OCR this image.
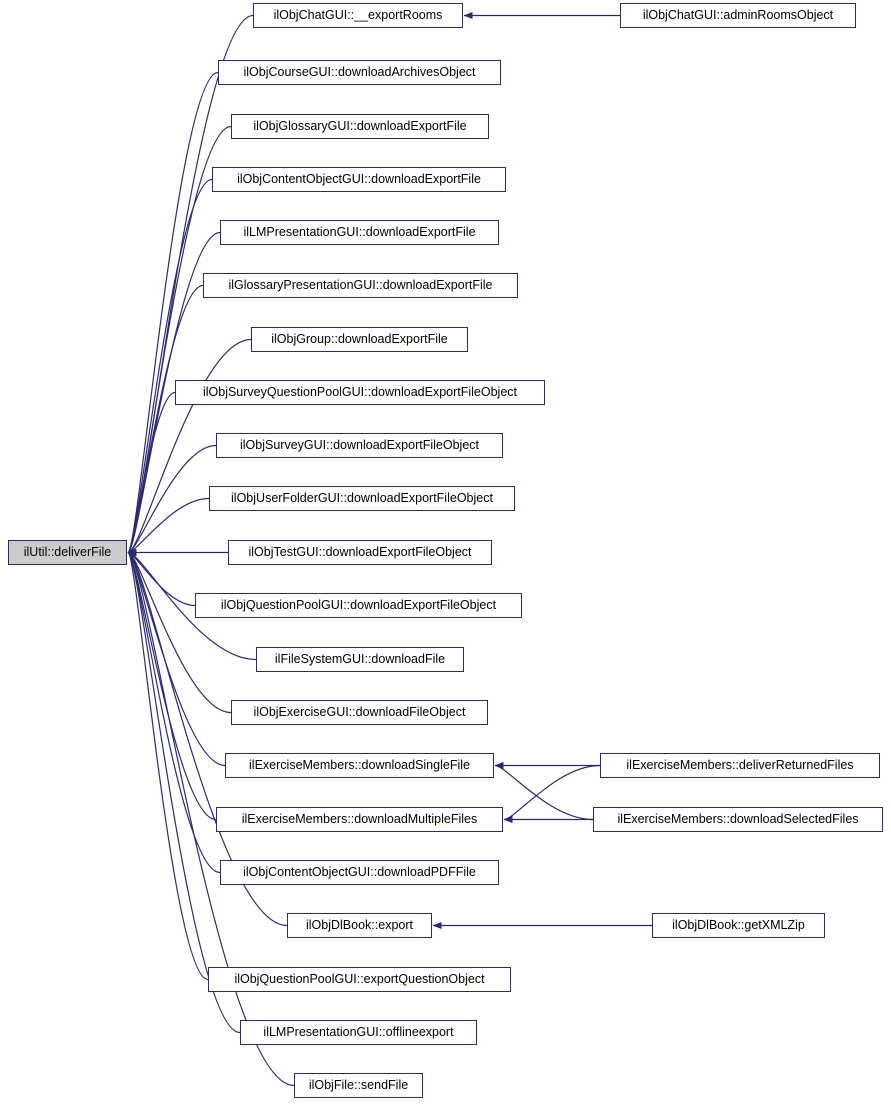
ilUtil::deliverFile
ilObjChatGUI::__exportRooms
ilObjCourseGUI::downloadArchivesObject
ilObjGlossaryGUI::downloadExportFile
ilObjContentObjectGUI::downloadExportFile
ilLMPresentationGUI::downloadExportFile
ilGlossaryPresentationGUI::downloadExportFile
ilObjGroup::downloadExportFile
ilObjSurveyQuestionPoolGUI::downloadExportFileObject
ilObjSurveyGUI::downloadExportFileObject
ilObjUserFolderGUI::downloadExportFileObject
ilObjTestGUI::downloadExportFileObject
ilObjQuestionPoolGUI::downloadExportFileObject
ilFileSystemGUI::downloadFile
ilObjExerciseGUI::downloadFileObject
ilExerciseMembers::downloadSingleFile
ilExerciseMembers::downloadMultipleFiles
ilObjContentObjectGUI::downloadPDFFile
ilObjDlBook::export
ilObjQuestionPoolGUI::exportQuestionObject
ilLMPresentationGUI::offlineexport
ilObjFile::sendFile
ilObjChatGUI::adminRoomsObject
ilExerciseMembers::deliverReturnedFiles
ilExerciseMembers::downloadSelectedFiles
ilObjDlBook::getXMLZip
